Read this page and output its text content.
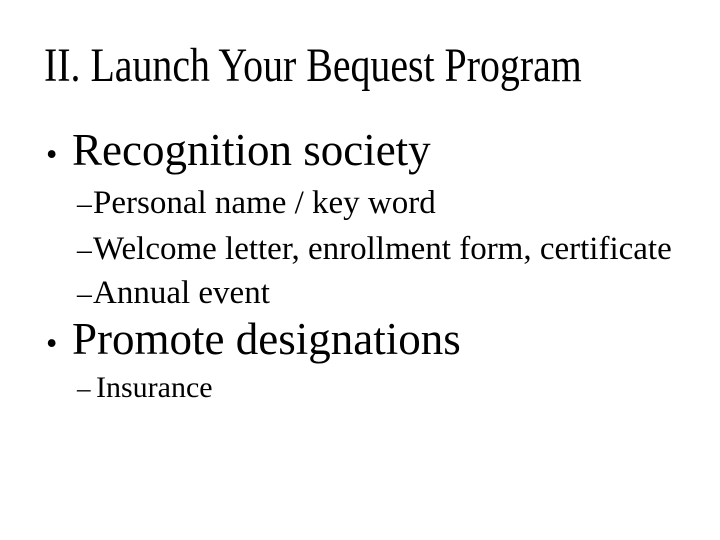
II. Launch Your Bequest Program
• Recognition society
–Personal name / key word
–Welcome letter, enrollment form, certificate
–Annual event
• Promote designations
– Insurance
